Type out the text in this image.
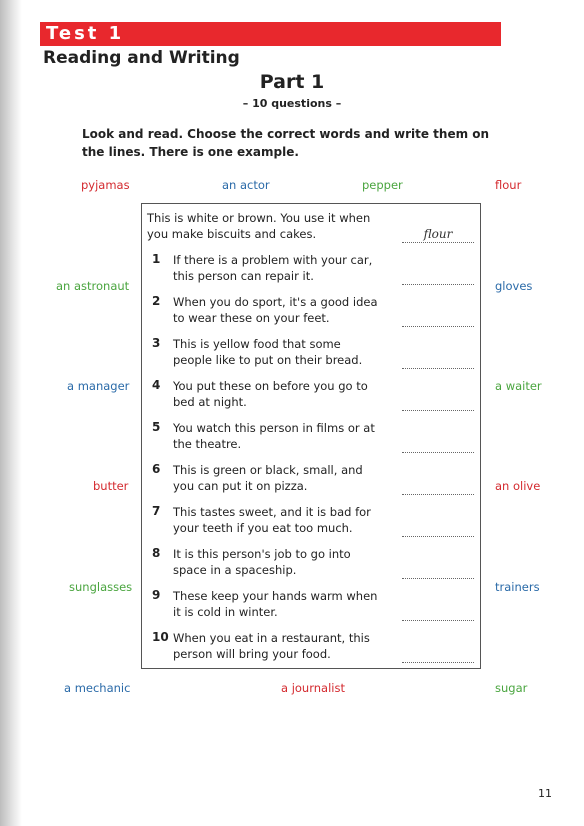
Test 1
Reading and Writing
Part 1
– 10 questions –
Look and read. Choose the correct words and write them on the lines. There is one example.
pyjamas	an actor	pepper	flour
an astronaut	gloves
a manager	a waiter
butter	an olive
sunglasses	trainers
a mechanic	a journalist	sugar
This is white or brown. You use it when you make biscuits and cakes.	flour
1 If there is a problem with your car, this person can repair it.
2 When you do sport, it's a good idea to wear these on your feet.
3 This is yellow food that some people like to put on their bread.
4 You put these on before you go to bed at night.
5 You watch this person in films or at the theatre.
6 This is green or black, small, and you can put it on pizza.
7 This tastes sweet, and it is bad for your teeth if you eat too much.
8 It is this person's job to go into space in a spaceship.
9 These keep your hands warm when it is cold in winter.
10 When you eat in a restaurant, this person will bring your food.
11
